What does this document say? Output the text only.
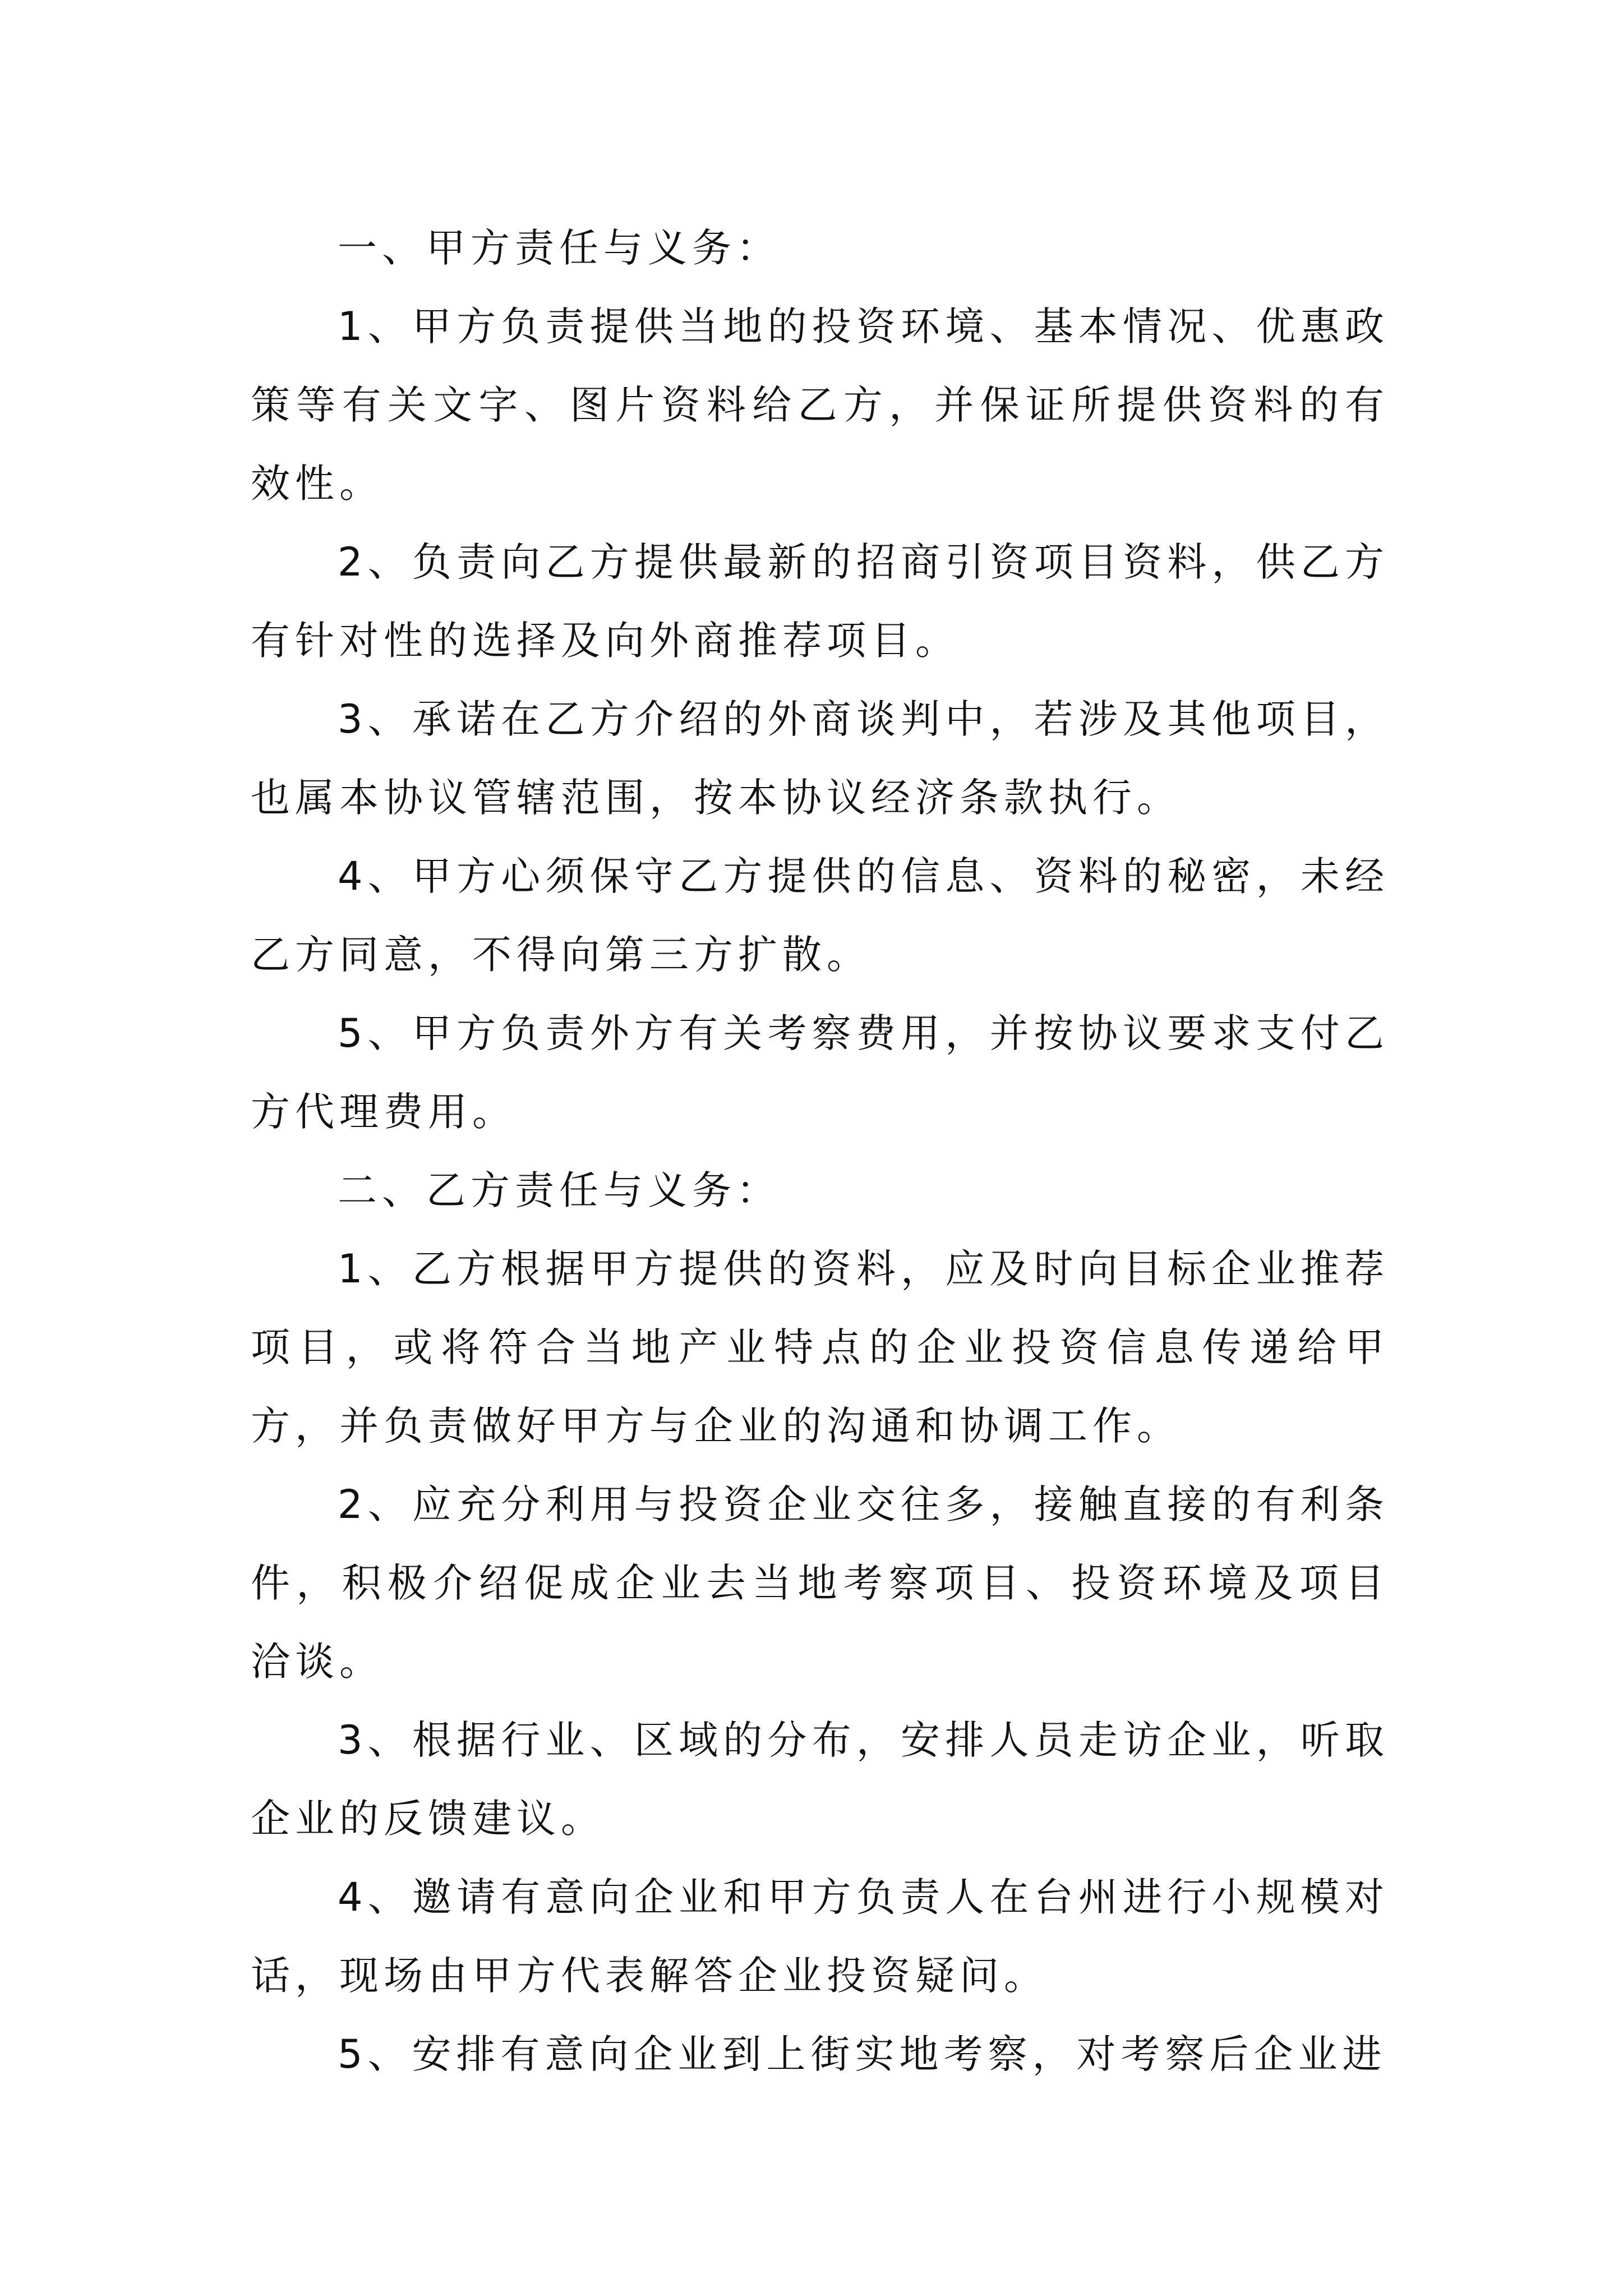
一、甲方责任与义务：

1、甲方负责提供当地的投资环境、基本情况、优惠政策等有关文字、图片资料给乙方，并保证所提供资料的有效性。

2、负责向乙方提供最新的招商引资项目资料，供乙方有针对性的选择及向外商推荐项目。

3、承诺在乙方介绍的外商谈判中，若涉及其他项目，也属本协议管辖范围，按本协议经济条款执行。

4、甲方心须保守乙方提供的信息、资料的秘密，未经乙方同意，不得向第三方扩散。

5、甲方负责外方有关考察费用，并按协议要求支付乙方代理费用。

二、乙方责任与义务：

1、乙方根据甲方提供的资料，应及时向目标企业推荐项目，或将符合当地产业特点的企业投资信息传递给甲方，并负责做好甲方与企业的沟通和协调工作。

2、应充分利用与投资企业交往多，接触直接的有利条件，积极介绍促成企业去当地考察项目、投资环境及项目洽谈。

3、根据行业、区域的分布，安排人员走访企业，听取企业的反馈建议。

4、邀请有意向企业和甲方负责人在台州进行小规模对话，现场由甲方代表解答企业投资疑问。

5、安排有意向企业到上街实地考察，对考察后企业进
